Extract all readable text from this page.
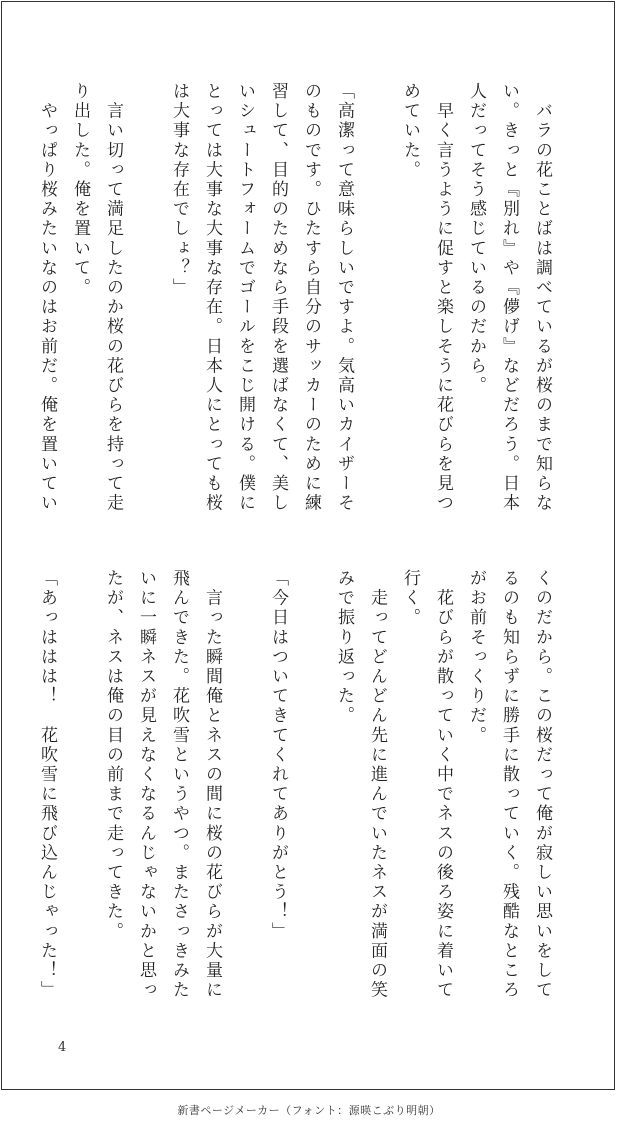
　バラの花ことばは調べているが桜のまで知らな
い。きっと『別れ』や『儚げ』などだろう。日本
人だってそう感じているのだから。
　早く言うように促すと楽しそうに花びらを見つ
めていた。
「高潔って意味らしいですよ。気高いカイザーそ
のものです。ひたすら自分のサッカーのために練
習して、目的のためなら手段を選ばなくて、美し
いシュートフォームでゴールをこじ開ける。僕に
とっては大事な大事な存在。日本人にとっても桜
は大事な存在でしょ？」
　言い切って満足したのか桜の花びらを持って走
り出した。俺を置いて。
　やっぱり桜みたいなのはお前だ。俺を置いてい
くのだから。この桜だって俺が寂しい思いをして
るのも知らずに勝手に散っていく。残酷なところ
がお前そっくりだ。
　花びらが散っていく中でネスの後ろ姿に着いて
行く。
　走ってどんどん先に進んでいたネスが満面の笑
みで振り返った。
「今日はついてきてくれてありがとう！」
　言った瞬間俺とネスの間に桜の花びらが大量に
飛んできた。花吹雪というやつ。またさっきみた
いに一瞬ネスが見えなくなるんじゃないかと思っ
たが、ネスは俺の目の前まで走ってきた。
「あっははは！　花吹雪に飛び込んじゃった！」
4
新書ページメーカー（フォント：源暎こぶり明朝）
